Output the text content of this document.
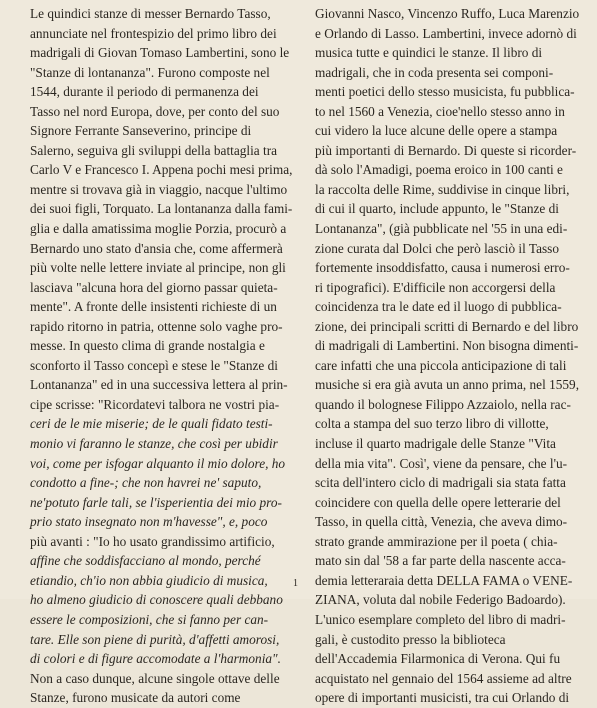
Le quindici stanze di messer Bernardo Tasso,
annunciate nel frontespizio del primo libro dei
madrigali di Giovan Tomaso Lambertini, sono le
"Stanze di lontananza". Furono composte nel
1544, durante il periodo di permanenza dei
Tasso nel nord Europa, dove, per conto del suo
Signore Ferrante Sanseverino, principe di
Salerno, seguiva gli sviluppi della battaglia tra
Carlo V e Francesco I. Appena pochi mesi prima,
mentre si trovava già in viaggio, nacque l'ultimo
dei suoi figli, Torquato. La lontananza dalla fami-
glia e dalla amatissima moglie Porzia, procurò a
Bernardo uno stato d'ansia che, come affermerà
più volte nelle lettere inviate al principe, non gli
lasciava "alcuna hora del giorno passar quieta-
mente". A fronte delle insistenti richieste di un
rapido ritorno in patria, ottenne solo vaghe pro-
messe. In questo clima di grande nostalgia e
sconforto il Tasso concepì e stese le "Stanze di
Lontananza" ed in una successiva lettera al prin-
cipe scrisse: "Ricordatevi talbora ne vostri pia-
ceri de le mie miserie; de le quali fidato testi-
monio vi faranno le stanze, che così per ubidir
voi, come per isfogar alquanto il mio dolore, ho
condotto a fine-; che non havrei ne' saputo,
ne'potuto farle tali, se l'isperientia dei mio pro-
prio stato insegnato non m'havesse", e, poco
più avanti : "Io ho usato grandissimo artificio,
affine che soddisfacciano al mondo, perché
etiandio, ch'io non abbia giudicio di musica,
ho almeno giudicio di conoscere quali debbano
essere le composizioni, che si fanno per can-
tare. Elle son piene di purità, d'affetti amorosi,
di colori e di figure accomodate a l'harmonia".
Non a caso dunque, alcune singole ottave delle
Stanze, furono musicate da autori come
Giovanni Nasco, Vincenzo Ruffo, Luca Marenzio
e Orlando di Lasso. Lambertini, invece adornò di
musica tutte e quindici le stanze. Il libro di
madrigali, che in coda presenta sei componi-
menti poetici dello stesso musicista, fu pubblica-
to nel 1560 a Venezia, cioe'nello stesso anno in
cui videro la luce alcune delle opere a stampa
più importanti di Bernardo. Di queste si ricorder-
dà solo l'Amadigi, poema eroico in 100 canti e
la raccolta delle Rime, suddivise in cinque libri,
di cui il quarto, include appunto, le "Stanze di
Lontananza", (già pubblicate nel '55 in una edi-
zione curata dal Dolci che però lasciò il Tasso
fortemente insoddisfatto, causa i numerosi erro-
ri tipografici). E'difficile non accorgersi della
coincidenza tra le date ed il luogo di pubblica-
zione, dei principali scritti di Bernardo e del libro
di madrigali di Lambertini. Non bisogna dimenti-
care infatti che una piccola anticipazione di tali
musiche si era già avuta un anno prima, nel 1559,
quando il bolognese Filippo Azzaiolo, nella rac-
colta a stampa del suo terzo libro di villotte,
incluse il quarto madrigale delle Stanze "Vita
della mia vita". Così', viene da pensare, che l'u-
scita dell'intero ciclo di madrigali sia stata fatta
coincidere con quella delle opere letterarie del
Tasso, in quella città, Venezia, che aveva dimo-
strato grande ammirazione per il poeta ( chia-
mato sin dal '58 a far parte della nascente acca-
demia letteraraia detta DELLA FAMA o VENE-
ZIANA, voluta dal nobile Federigo Badoardo).
L'unico esemplare completo del libro di madri-
gali, è custodito presso la biblioteca
dell'Accademia Filarmonica di Verona. Qui fu
acquistato nel gennaio del 1564 assieme ad altre
opere di importanti musicisti, tra cui Orlando di
1
